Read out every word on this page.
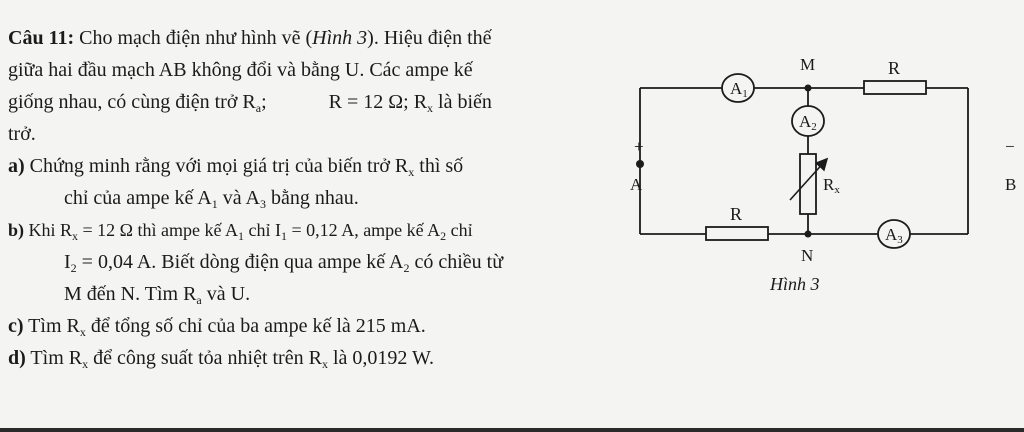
Câu 11: Cho mạch điện như hình vẽ (Hình 3). Hiệu điện thế
giữa hai đầu mạch AB không đổi và bằng U. Các ampe kế
giống nhau, có cùng điện trở $R_a$;	R = 12 Ω; $R_x$ là biến
trở.
a) Chứng minh rằng với mọi giá trị của biến trở $R_x$ thì số
chỉ của ampe kế $A_1$ và $A_3$ bằng nhau.
b) Khi $R_x = 12$ Ω thì ampe kế $A_1$ chỉ $I_1 = 0,12$ A, ampe kế $A_2$ chỉ
$I_2 = 0,04$ A. Biết dòng điện qua ampe kế $A_2$ có chiều từ
M đến N. Tìm $R_a$ và U.
c) Tìm $R_x$ để tổng số chỉ của ba ampe kế là 215 mA.
d) Tìm $R_x$ để công suất tỏa nhiệt trên $R_x$ là 0,0192 W.
A1
A2
A3
R
R
Rx
M
N
A	B
+	−
Hình 3
